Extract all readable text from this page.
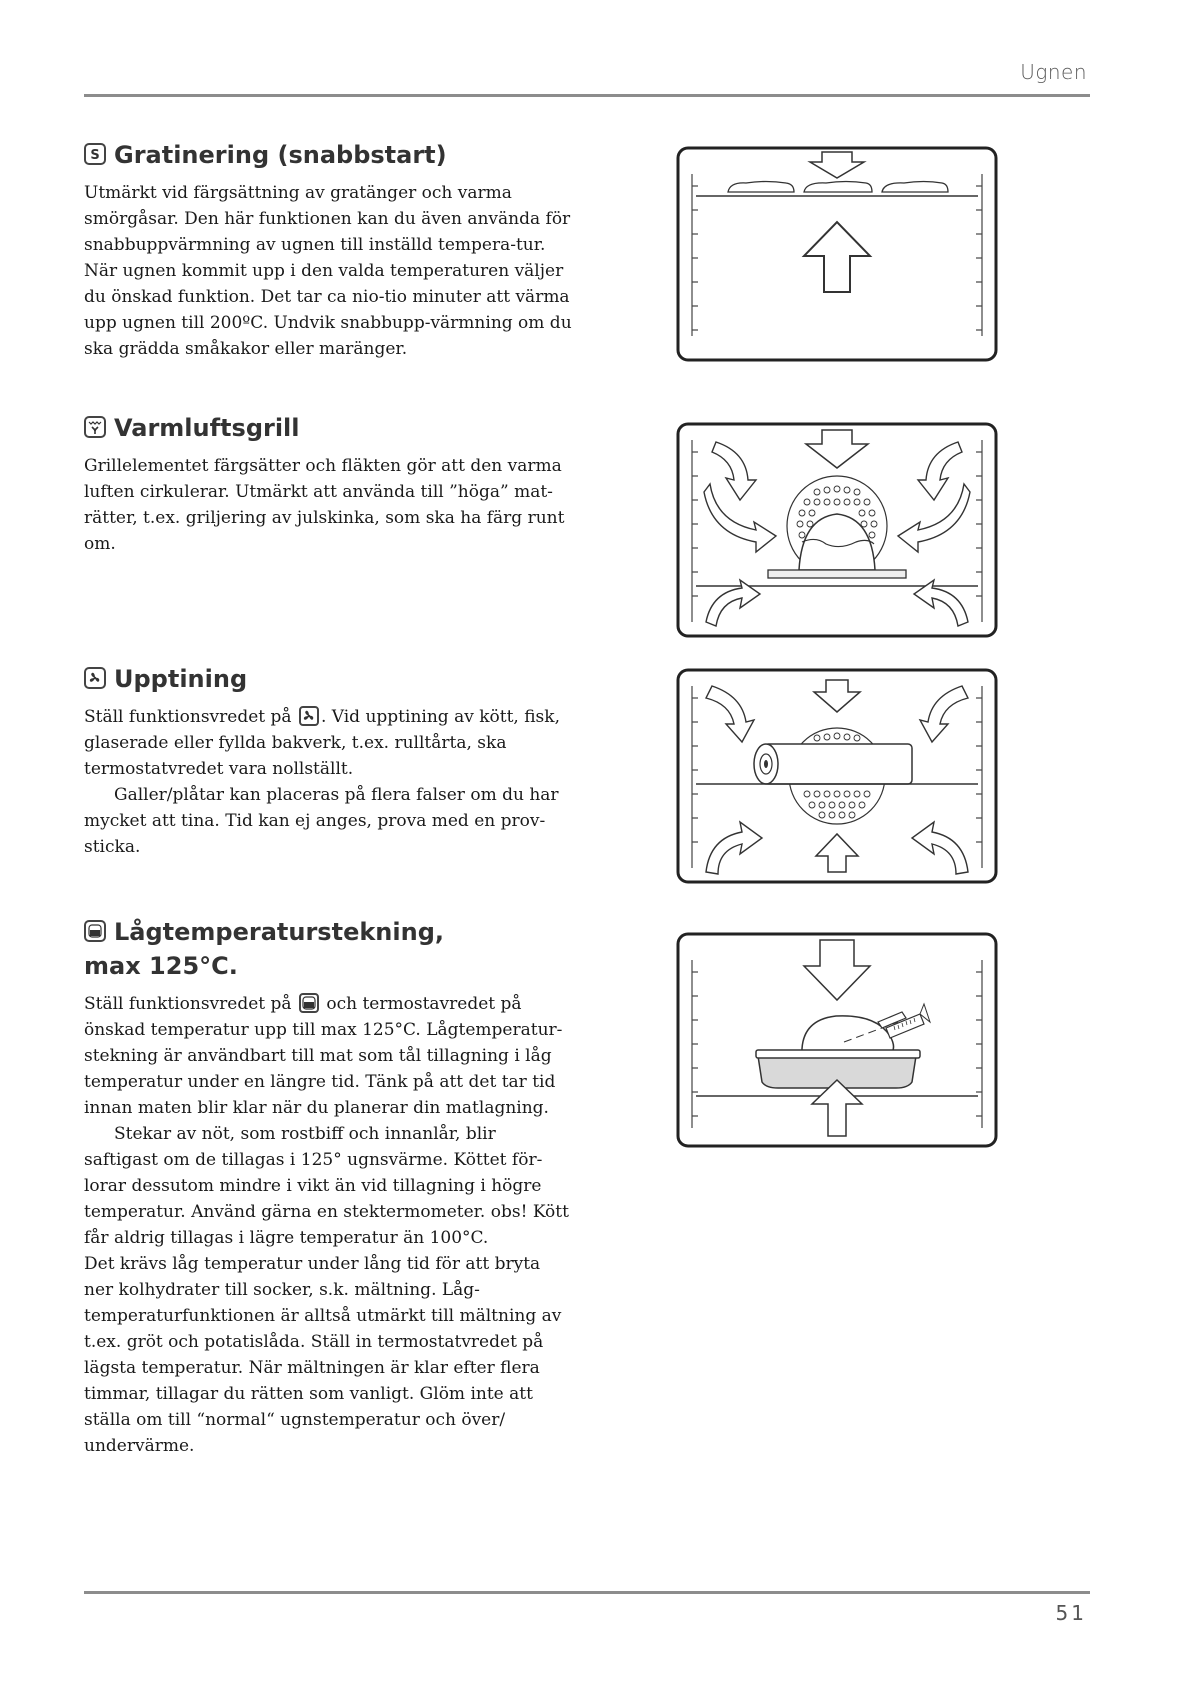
Ugnen
S Gratinering (snabbstart)

Utmärkt vid färgsättning av gratänger och varma smörgåsar. Den här funktionen kan du även använda för snabbuppvärmning av ugnen till inställd tempera-tur. När ugnen kommit upp i den valda temperaturen väljer du önskad funktion. Det tar ca nio-tio minuter att värma upp ugnen till 200ºC. Undvik snabbupp-värmning om du ska grädda småkakor eller maränger.

Varmluftsgrill

Grillelementet färgsätter och fläkten gör att den varma luften cirkulerar. Utmärkt att använda till ”höga” mat-rätter, t.ex. griljering av julskinka, som ska ha färg runt om.

Upptining

Ställ funktionsvredet på
. Vid upptining av kött, fisk, glaserade eller fyllda bakverk, t.ex. rulltårta, ska termostatvredet vara nollställt.

Galler/plåtar kan placeras på flera falser om du har mycket att tina. Tid kan ej anges, prova med en prov-sticka.

Lågtemperaturstekning,
max 125°C.

Ställ funktionsvredet på
och termostavredet på önskad temperatur upp till max 125°C. Lågtemperatur-stekning är användbart till mat som tål tillagning i låg temperatur under en längre tid. Tänk på att det tar tid innan maten blir klar när du planerar din matlagning.

Stekar av nöt, som rostbiff och innanlår, blir saftigast om de tillagas i 125° ugnsvärme. Köttet för-lorar dessutom mindre i vikt än vid tillagning i högre temperatur. Använd gärna en stektermometer. obs! Kött får aldrig tillagas i lägre temperatur än 100°C.

Det krävs låg temperatur under lång tid för att bryta ner kolhydrater till socker, s.k. mältning. Låg-temperaturfunktionen är alltså utmärkt till mältning av t.ex. gröt och potatislåda. Ställ in termostatvredet på lägsta temperatur. När mältningen är klar efter flera timmar, tillagar du rätten som vanligt. Glöm inte att ställa om till “normal“ ugnstemperatur och över/ undervärme.

51
